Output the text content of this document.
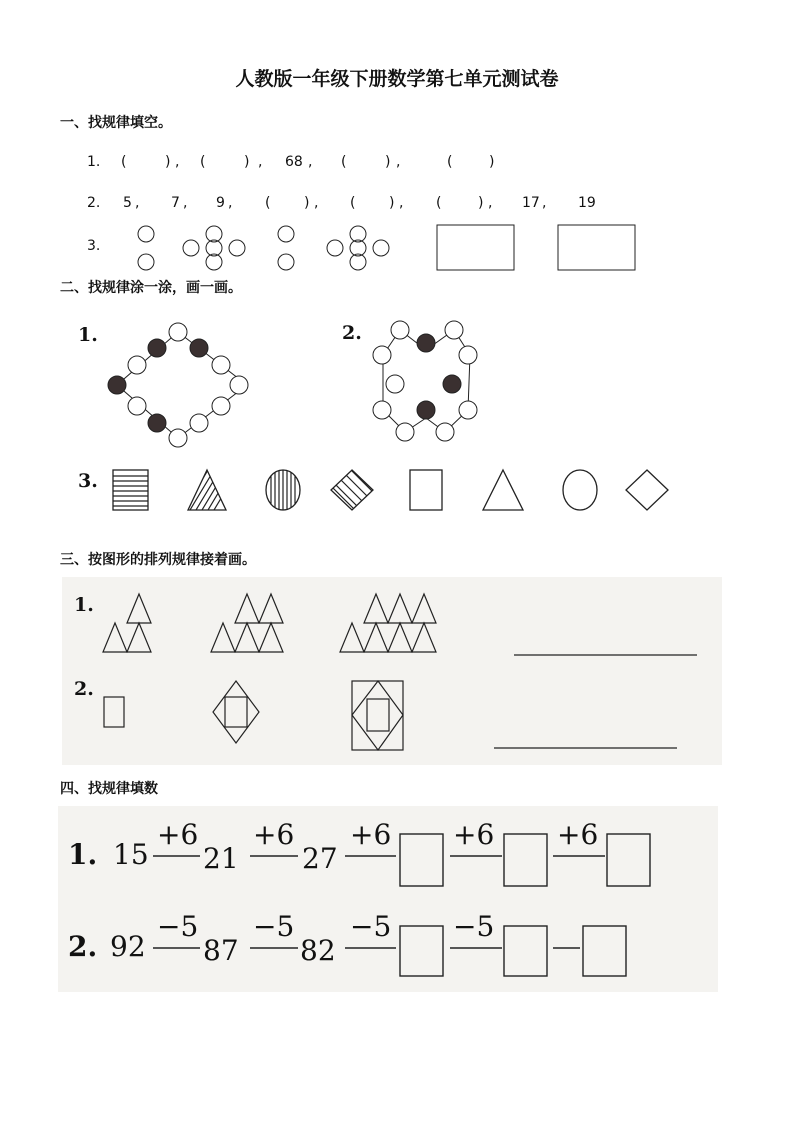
人教版一年级下册数学第七单元测试卷
一、找规律填空。
1. (	) , (	) , 68 , (	) ,	(	)
2. 5 , 7 , 9 , ( ) , ( ) , (	) , 17 , 19
3.
二、找规律涂一涂，画一画。
1.	2.
3.
三、按图形的排列规律接着画。
1.
2.
四、找规律填数
1. 15
+6
21
+6
27
+6 +6 +6
2. 92
−5
87
−5
82
−5 −5
